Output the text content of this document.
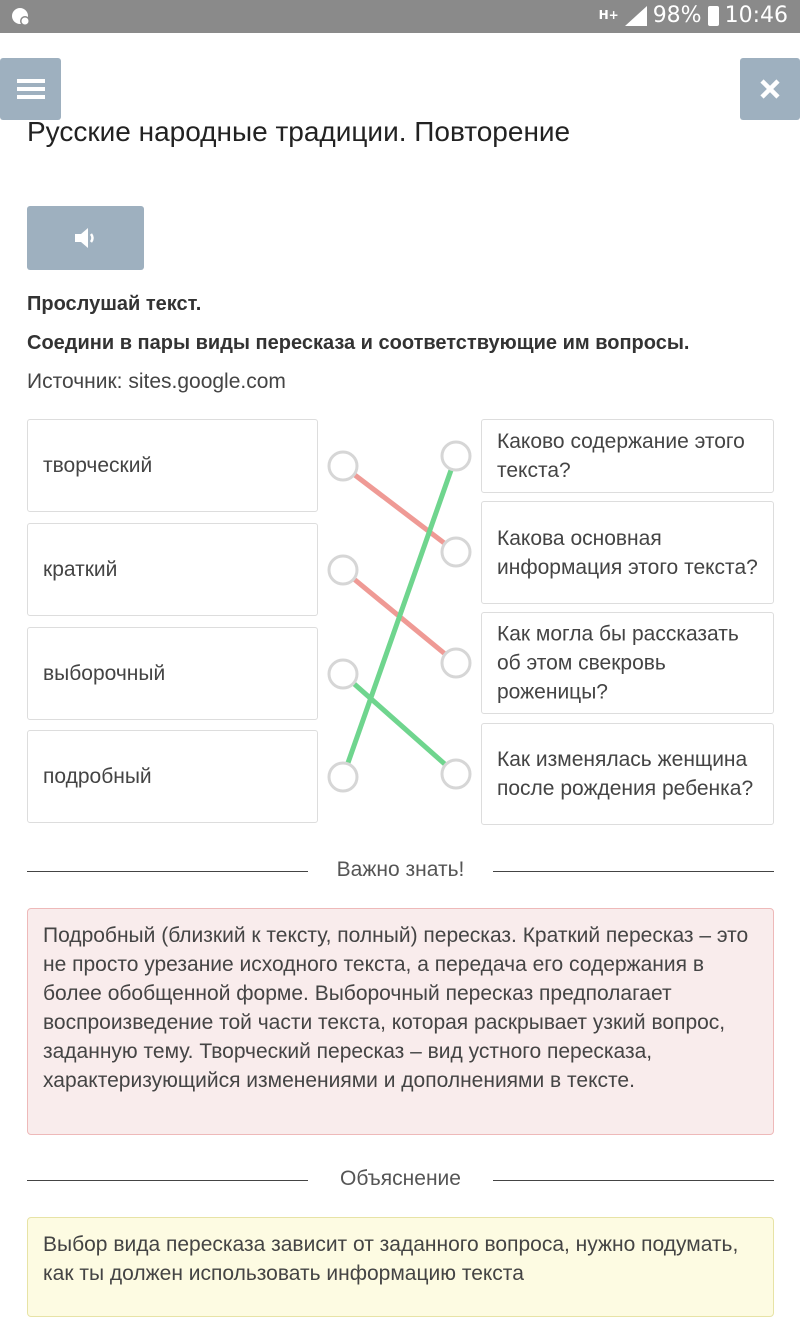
H+ 98% 10:46
Русские народные традиции. Повторение
Прослушай текст.
Соедини в пары виды пересказа и соответствующие им вопросы.
Источник: sites.google.com
творческий
краткий
выборочный
подробный
Каково содержание этого текста?
Какова основная информация этого текста?
Как могла бы рассказать об этом свекровь роженицы?
Как изменялась женщина после рождения ребенка?
Важно знать!

Подробный (близкий к тексту, полный) пересказ. Краткий пересказ – это не просто урезание исходного текста, а передача его содержания в более обобщенной форме. Выборочный пересказ предполагает воспроизведение той части текста, которая раскрывает узкий вопрос, заданную тему. Творческий пересказ – вид устного пересказа, характеризующийся изменениями и дополнениями в тексте.

Объяснение

Выбор вида пересказа зависит от заданного вопроса, нужно подумать, как ты должен использовать информацию текста
